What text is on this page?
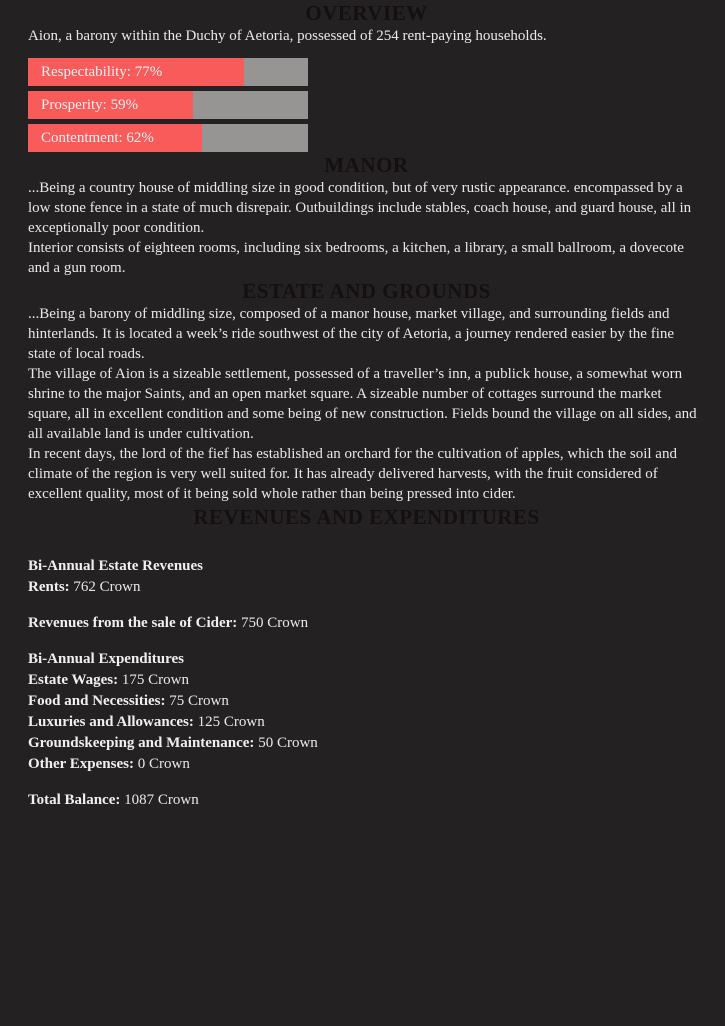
OVERVIEW

Aion, a barony within the Duchy of Aetoria, possessed of 254 rent-paying households.

Respectability: 77%
Prosperity: 59%
Contentment: 62%
MANOR

...Being a country house of middling size in good condition, but of very rustic appearance. encompassed by a low stone fence in a state of much disrepair. Outbuildings include stables, coach house, and guard house, all in exceptionally poor condition.

Interior consists of eighteen rooms, including six bedrooms, a kitchen, a library, a small ballroom, a dovecote and a gun room.

ESTATE AND GROUNDS

...Being a barony of middling size, composed of a manor house, market village, and surrounding fields and hinterlands. It is located a week’s ride southwest of the city of Aetoria, a journey rendered easier by the fine state of local roads.

The village of Aion is a sizeable settlement, possessed of a traveller’s inn, a publick house, a somewhat worn shrine to the major Saints, and an open market square. A sizeable number of cottages surround the market square, all in excellent condition and some being of new construction. Fields bound the village on all sides, and all available land is under cultivation.

In recent days, the lord of the fief has established an orchard for the cultivation of apples, which the soil and climate of the region is very well suited for. It has already delivered harvests, with the fruit considered of excellent quality, most of it being sold whole rather than being pressed into cider.

REVENUES AND EXPENDITURES
Bi-Annual Estate Revenues
Rents: 762 Crown
Revenues from the sale of Cider: 750 Crown
Bi-Annual Expenditures
Estate Wages: 175 Crown
Food and Necessities: 75 Crown
Luxuries and Allowances: 125 Crown
Groundskeeping and Maintenance: 50 Crown
Other Expenses: 0 Crown
Total Balance: 1087 Crown
